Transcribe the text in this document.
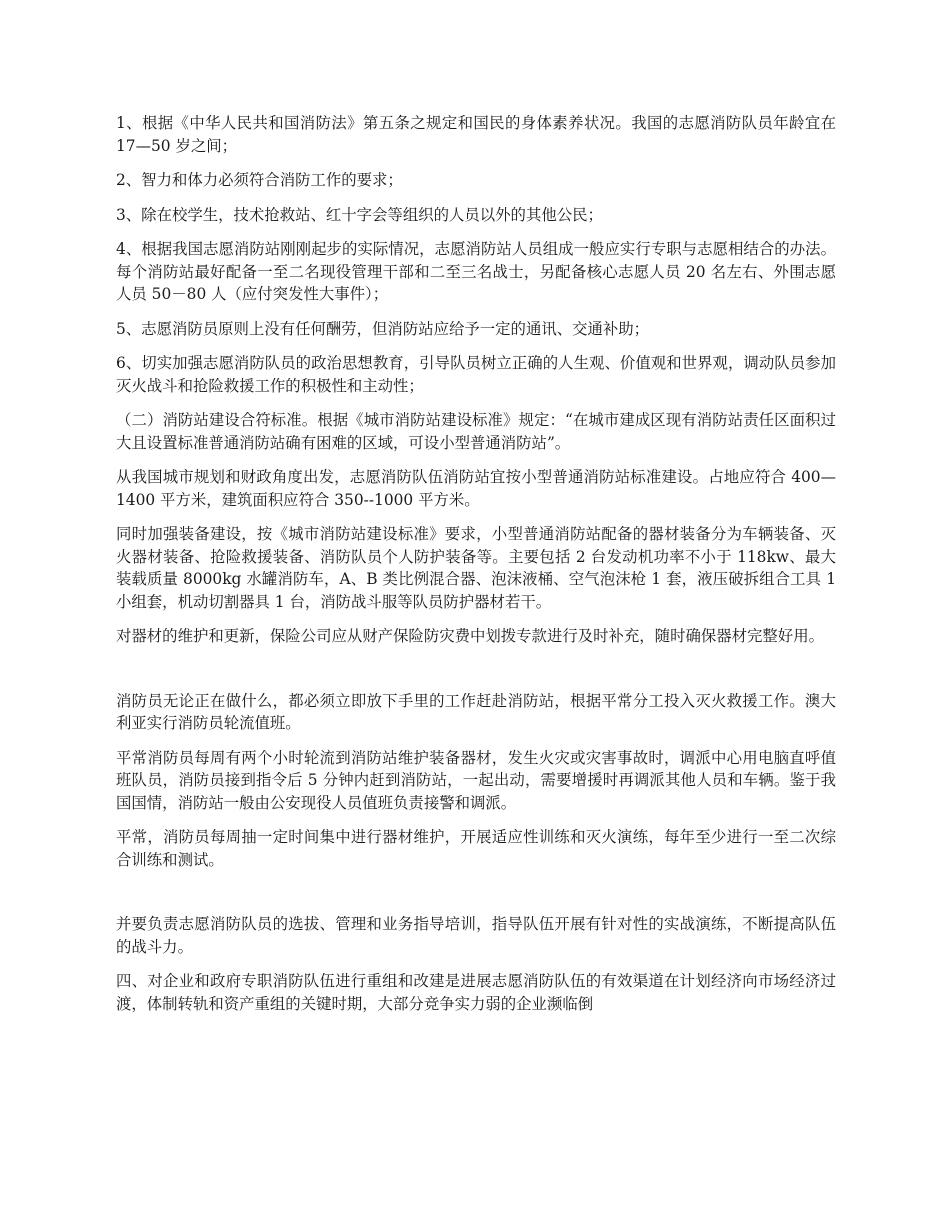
1、根据《中华人民共和国消防法》第五条之规定和国民的身体素养状况。我国的志愿消防队员年龄宜在 17—50 岁之间；

2、智力和体力必须符合消防工作的要求；

3、除在校学生，技术抢救站、红十字会等组织的人员以外的其他公民；

4、根据我国志愿消防站刚刚起步的实际情况，志愿消防站人员组成一般应实行专职与志愿相结合的办法。每个消防站最好配备一至二名现役管理干部和二至三名战士，另配备核心志愿人员 20 名左右、外围志愿人员 50－80 人（应付突发性大事件）；

5、志愿消防员原则上没有任何酬劳，但消防站应给予一定的通讯、交通补助；

6、切实加强志愿消防队员的政治思想教育，引导队员树立正确的人生观、价值观和世界观，调动队员参加灭火战斗和抢险救援工作的积极性和主动性；

（二）消防站建设合符标准。根据《城市消防站建设标准》规定：“在城市建成区现有消防站责任区面积过大且设置标准普通消防站确有困难的区域，可设小型普通消防站”。

从我国城市规划和财政角度出发，志愿消防队伍消防站宜按小型普通消防站标准建设。占地应符合 400—1400 平方米，建筑面积应符合 350--1000 平方米。

同时加强装备建设，按《城市消防站建设标准》要求，小型普通消防站配备的器材装备分为车辆装备、灭火器材装备、抢险救援装备、消防队员个人防护装备等。主要包括 2 台发动机功率不小于 118kw、最大装载质量 8000kg 水罐消防车，A、B 类比例混合器、泡沫液桶、空气泡沫枪 1 套，液压破拆组合工具 1 小组套，机动切割器具 1 台，消防战斗服等队员防护器材若干。

对器材的维护和更新，保险公司应从财产保险防灾费中划拨专款进行及时补充，随时确保器材完整好用。

消防员无论正在做什么，都必须立即放下手里的工作赶赴消防站，根据平常分工投入灭火救援工作。澳大利亚实行消防员轮流值班。

平常消防员每周有两个小时轮流到消防站维护装备器材，发生火灾或灾害事故时，调派中心用电脑直呼值班队员，消防员接到指令后 5 分钟内赶到消防站，一起出动，需要增援时再调派其他人员和车辆。鉴于我国国情，消防站一般由公安现役人员值班负责接警和调派。

平常，消防员每周抽一定时间集中进行器材维护，开展适应性训练和灭火演练，每年至少进行一至二次综合训练和测试。

并要负责志愿消防队员的选拔、管理和业务指导培训，指导队伍开展有针对性的实战演练，不断提高队伍的战斗力。

四、对企业和政府专职消防队伍进行重组和改建是进展志愿消防队伍的有效渠道在计划经济向市场经济过渡，体制转轨和资产重组的关键时期，大部分竞争实力弱的企业濒临倒
